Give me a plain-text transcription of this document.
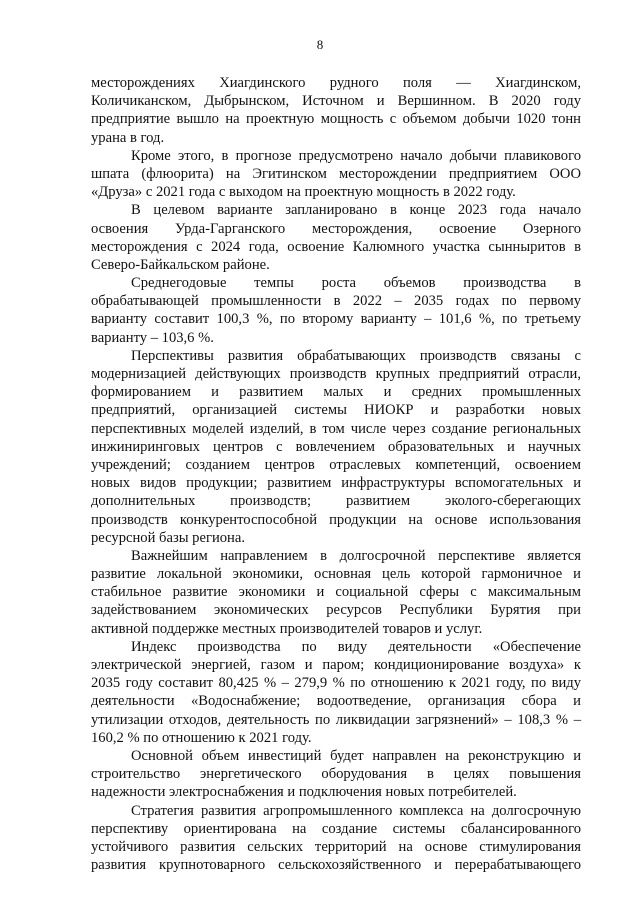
8
месторождениях Хиагдинского рудного поля — Хиагдинском,
Количиканском, Дыбрынском, Источном и Вершинном. В 2020 году
предприятие вышло на проектную мощность с объемом добычи 1020 тонн
урана в год.
Кроме этого, в прогнозе предусмотрено начало добычи плавикового
шпата (флюорита) на Эгитинском месторождении предприятием ООО
«Друза» с 2021 года с выходом на проектную мощность в 2022 году.
В целевом варианте запланировано в конце 2023 года начало
освоения Урда-Гарганского месторождения, освоение Озерного
месторождения с 2024 года, освоение Калюмного участка сынныритов в
Северо-Байкальском районе.
Среднегодовые темпы роста объемов производства в
обрабатывающей промышленности в 2022 – 2035 годах по первому
варианту составит 100,3 %, по второму варианту – 101,6 %, по третьему
варианту – 103,6 %.
Перспективы развития обрабатывающих производств связаны с
модернизацией действующих производств крупных предприятий отрасли,
формированием и развитием малых и средних промышленных
предприятий, организацией системы НИОКР и разработки новых
перспективных моделей изделий, в том числе через создание региональных
инжиниринговых центров с вовлечением образовательных и научных
учреждений; созданием центров отраслевых компетенций, освоением
новых видов продукции; развитием инфраструктуры вспомогательных и
дополнительных производств; развитием эколого-сберегающих
производств конкурентоспособной продукции на основе использования
ресурсной базы региона.
Важнейшим направлением в долгосрочной перспективе является
развитие локальной экономики, основная цель которой гармоничное и
стабильное развитие экономики и социальной сферы с максимальным
задействованием экономических ресурсов Республики Бурятия при
активной поддержке местных производителей товаров и услуг.
Индекс производства по виду деятельности «Обеспечение
электрической энергией, газом и паром; кондиционирование воздуха» к
2035 году составит 80,425 % – 279,9 % по отношению к 2021 году, по виду
деятельности «Водоснабжение; водоотведение, организация сбора и
утилизации отходов, деятельность по ликвидации загрязнений» – 108,3 % –
160,2 % по отношению к 2021 году.
Основной объем инвестиций будет направлен на реконструкцию и
строительство энергетического оборудования в целях повышения
надежности электроснабжения и подключения новых потребителей.
Стратегия развития агропромышленного комплекса на долгосрочную
перспективу ориентирована на создание системы сбалансированного
устойчивого развития сельских территорий на основе стимулирования
развития крупнотоварного сельскохозяйственного и перерабатывающего
